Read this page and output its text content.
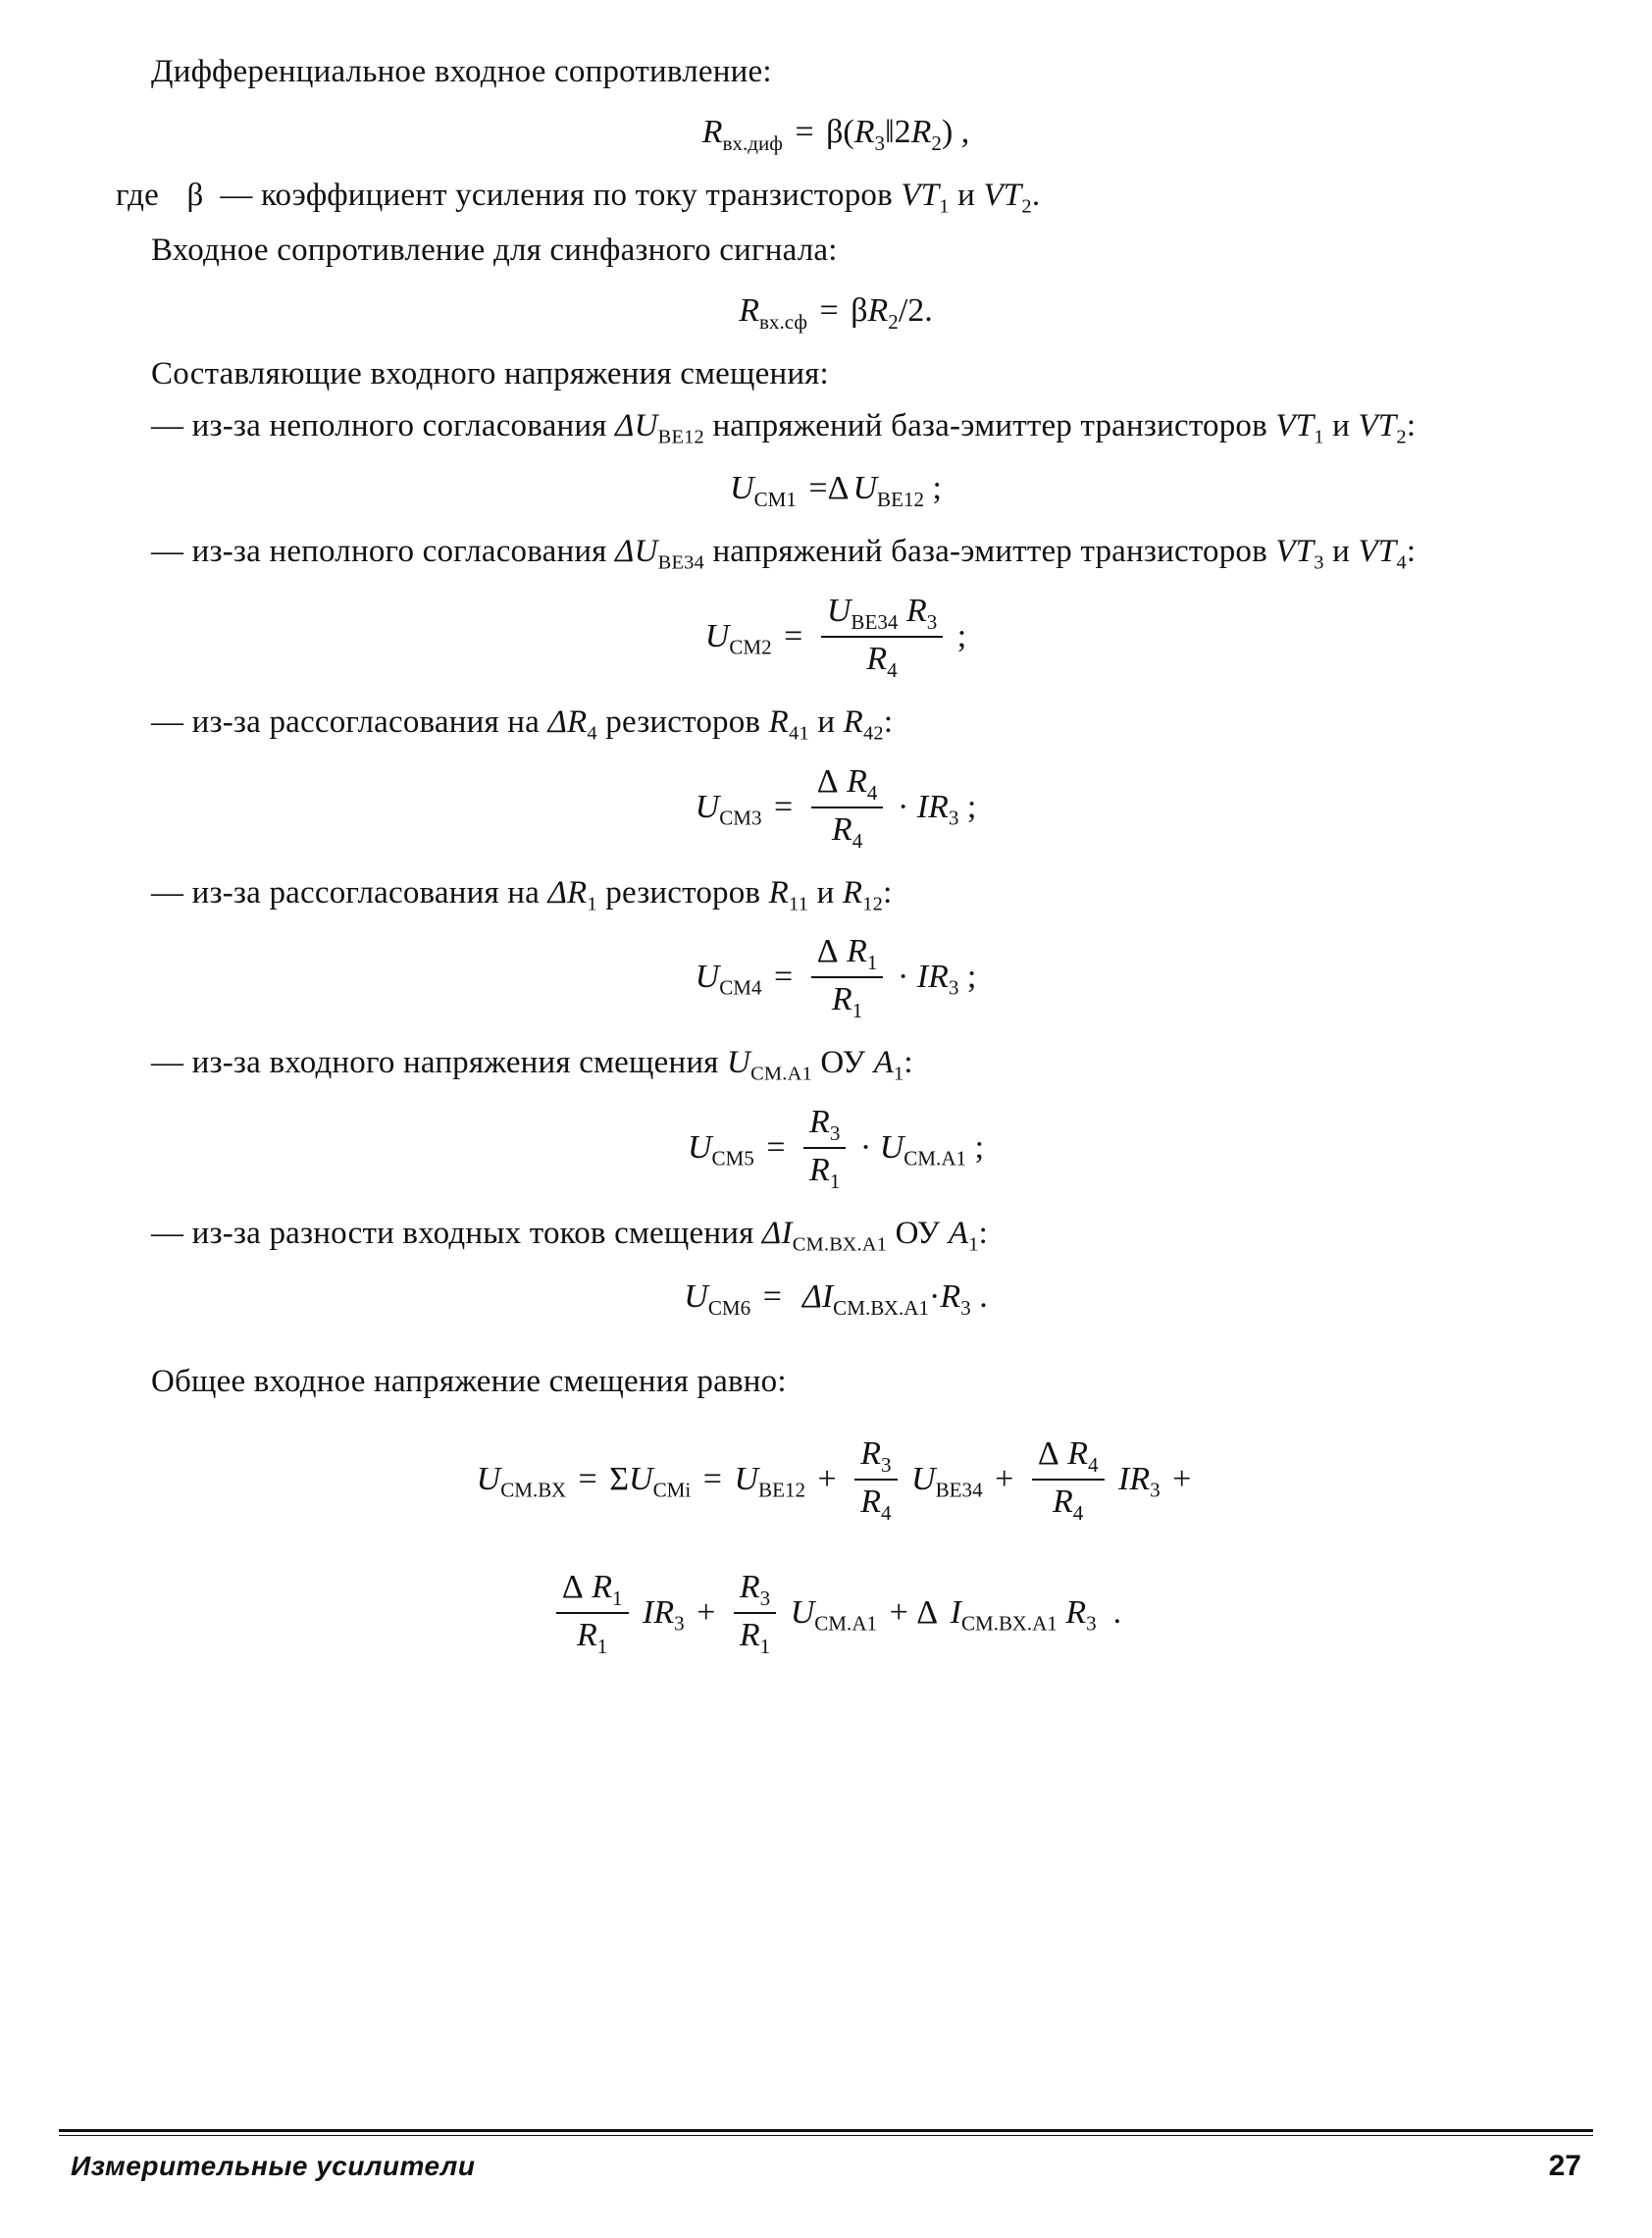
Дифференциальное входное сопротивление:

$R_{вх.диф}$ = $\beta(R_3‖2R_2)$ ,

где β — коэффициент усиления по току транзисторов $VT_1$ и $VT_2$.

Входное сопротивление для синфазного сигнала:

$R_{вх.сф} = \beta R_2/2$.

Составляющие входного напряжения смещения:

— из-за неполного согласования $\Delta U_{BE12}$ напряжений база-эмиттер транзисторов $VT_1$ и $VT_2$:

$U_{СМ1} =\Delta$ $U_{BE12}$ ;

— из-за неполного согласования $\Delta U_{BE34}$ напряжений база-эмиттер транзисторов $VT_3$ и $VT_4$:

$U_{СМ2} = \frac{U_{BE34} R_3}{R_4}$ ;

— из-за рассогласования на $\Delta R_4$ резисторов $R_{41}$ и $R_{42}$:

$U_{СМ3} = \frac{\Delta R_4}{R_4} \cdot IR_3$ ;

— из-за рассогласования на $\Delta R_1$ резисторов $R_{11}$ и $R_{12}$:

$U_{СМ4} = \frac{\Delta R_1}{R_1} \cdot IR_3$ ;

— из-за входного напряжения смещения $U_{СМ.A1}$ ОУ $A_1$:

$U_{СМ5} = \frac{R_3}{R_1} \cdot U_{СМ.A1}$ ;

— из-за разности входных токов смещения $\Delta I_{СМ.ВХ.A1}$ ОУ $A_1$:

$U_{СМ6} = \Delta I_{СМ.ВХ.A1}\cdot R_3$ .

Общее входное напряжение смещения равно:

$U_{СМ.ВХ} = \Sigma U_{СМi} = U_{BE12} + \frac{R_3}{R_4} U_{BE34} + \frac{\Delta R_4}{R_4} IR_3$ +
$\frac{\Delta R_1}{R_1} IR_3 + \frac{R_3}{R_1} U_{СМ.A1} + \Delta$ $I_{СМ.ВХ.A1}$ $R_3$ .
Измерительные усилители	27
